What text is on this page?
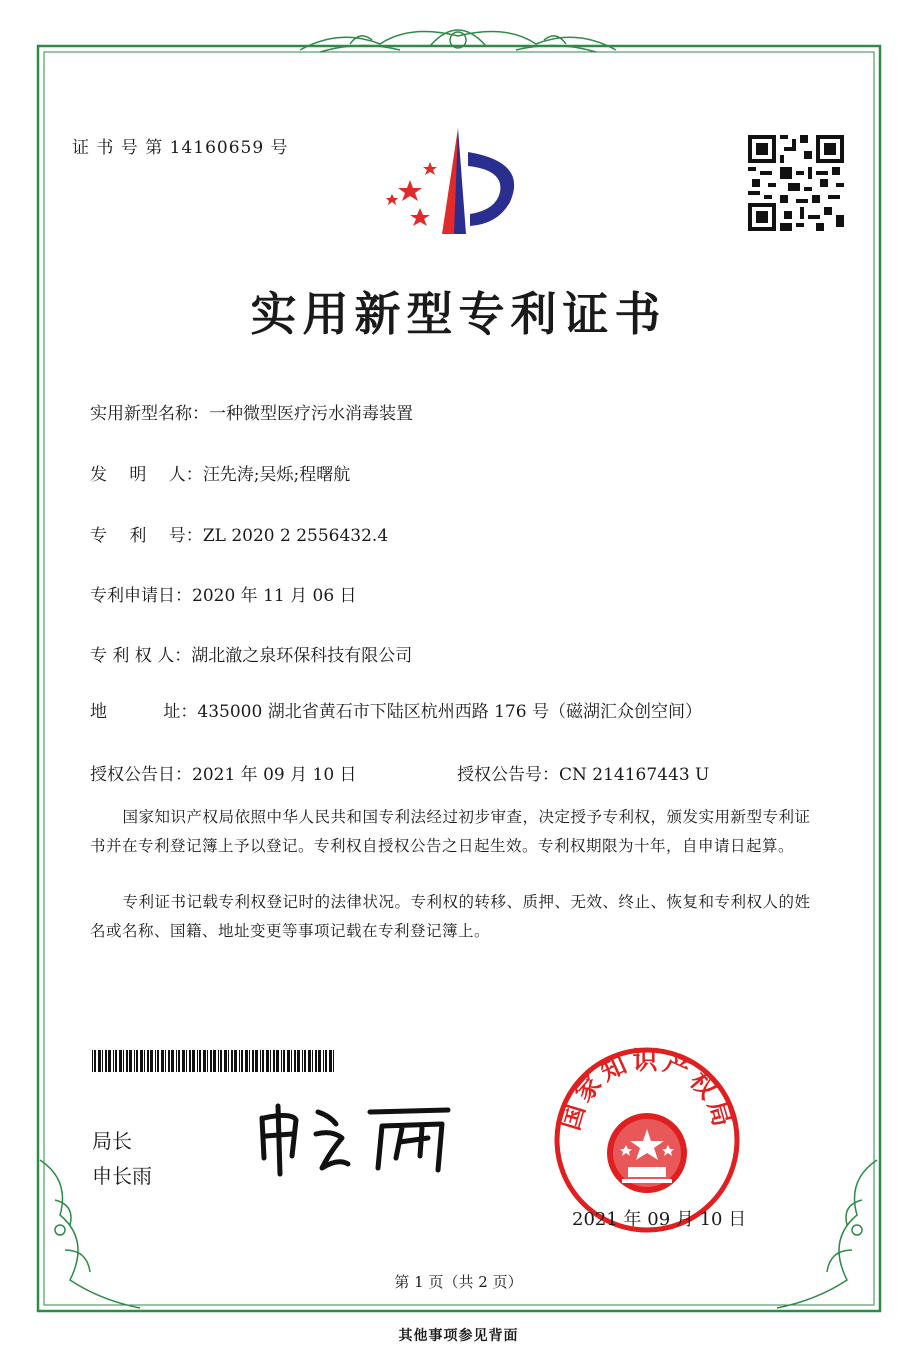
证 书 号 第 14160659 号
实用新型专利证书
实用新型名称：一种微型医疗污水消毒装置
发　 明　 人：汪先涛;吴烁;程曙航
专　 利　 号：ZL 2020 2 2556432.4
专利申请日：2020 年 11 月 06 日
专 利 权 人：湖北澈之泉环保科技有限公司
地　　　 址：435000 湖北省黄石市下陆区杭州西路 176 号（磁湖汇众创空间）
授权公告日：2021 年 09 月 10 日	授权公告号：CN 214167443 U
国家知识产权局依照中华人民共和国专利法经过初步审查，决定授予专利权，颁发实用新型专利证书并在专利登记簿上予以登记。专利权自授权公告之日起生效。专利权期限为十年，自申请日起算。
专利证书记载专利权登记时的法律状况。专利权的转移、质押、无效、终止、恢复和专利权人的姓名或名称、国籍、地址变更等事项记载在专利登记簿上。
局长
申长雨
国家知识产权局
2021 年 09 月 10 日
第 1 页（共 2 页）
其他事项参见背面
